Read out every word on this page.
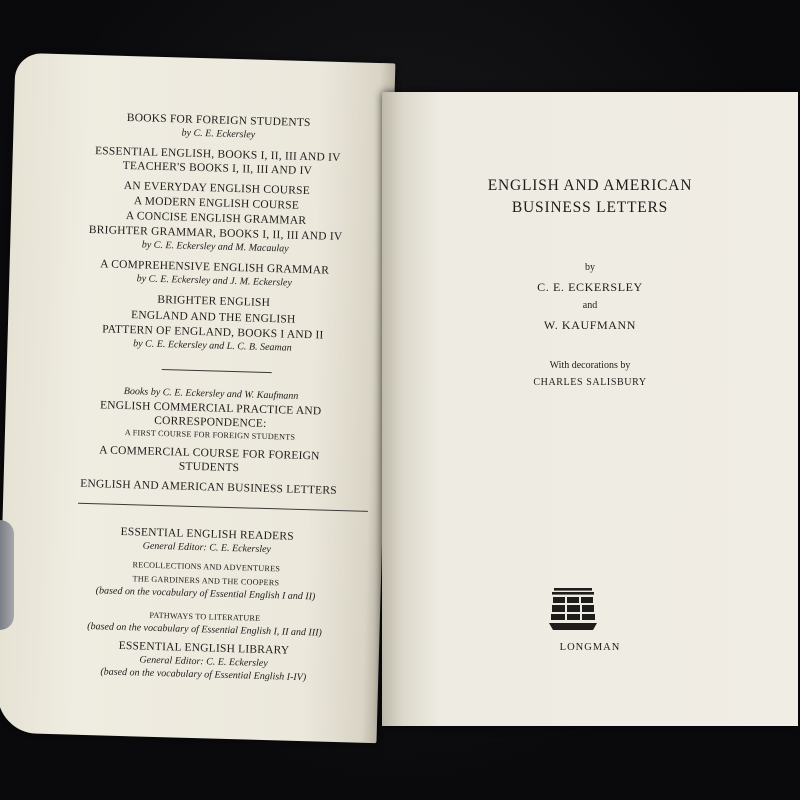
BOOKS FOR FOREIGN STUDENTS
by C. E. Eckersley
ESSENTIAL ENGLISH, BOOKS I, II, III AND IV
TEACHER'S BOOKS I, II, III AND IV
AN EVERYDAY ENGLISH COURSE
A MODERN ENGLISH COURSE
A CONCISE ENGLISH GRAMMAR
BRIGHTER GRAMMAR, BOOKS I, II, III AND IV
by C. E. Eckersley and M. Macaulay
A COMPREHENSIVE ENGLISH GRAMMAR
by C. E. Eckersley and J. M. Eckersley
BRIGHTER ENGLISH
ENGLAND AND THE ENGLISH
PATTERN OF ENGLAND, BOOKS I AND II
by C. E. Eckersley and L. C. B. Seaman
Books by C. E. Eckersley and W. Kaufmann
ENGLISH COMMERCIAL PRACTICE AND
CORRESPONDENCE:
A FIRST COURSE FOR FOREIGN STUDENTS
A COMMERCIAL COURSE FOR FOREIGN
STUDENTS
ENGLISH AND AMERICAN BUSINESS LETTERS
ESSENTIAL ENGLISH READERS
General Editor: C. E. Eckersley
RECOLLECTIONS AND ADVENTURES
THE GARDINERS AND THE COOPERS
(based on the vocabulary of Essential English I and II)
PATHWAYS TO LITERATURE
(based on the vocabulary of Essential English I, II and III)
ESSENTIAL ENGLISH LIBRARY
General Editor: C. E. Eckersley
(based on the vocabulary of Essential English I-IV)
ENGLISH AND AMERICAN
BUSINESS LETTERS
by
C. E. ECKERSLEY
and
W. KAUFMANN
With decorations by
CHARLES SALISBURY
LONGMAN
